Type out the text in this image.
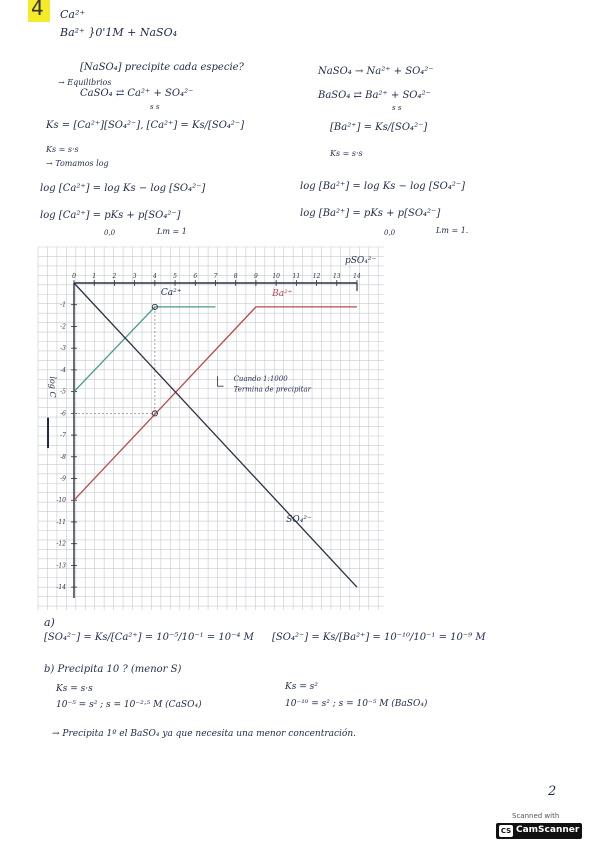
4 Ca²⁺
Ba²⁺ }0'1M + NaSO₄
[NaSO₄] precipite cada especie?
→ Equilibrios
CaSO₄ ⇄ Ca²⁺ + SO₄²⁻
s s
Ks = [Ca²⁺][SO₄²⁻], [Ca²⁺] = Ks/[SO₄²⁻]
Ks = s·s
→ Tomamos log
log [Ca²⁺] = log Ks − log [SO₄²⁻]
log [Ca²⁺] = pKs + p[SO₄²⁻]
0,0	Lm = 1
NaSO₄ → Na²⁺ + SO₄²⁻
BaSO₄ ⇄ Ba²⁺ + SO₄²⁻
s s
[Ba²⁺] = Ks/[SO₄²⁻]
Ks = s·s
log [Ba²⁺] = log Ks − log [SO₄²⁻]
log [Ba²⁺] = pKs + p[SO₄²⁻]
0,0	Lm = 1.
0	1	2	3	4	5	6	7	8	9 10 11 12 13 14
-1
-2
-3
-4
-5
-6
-7
-8
-9
-10
-11
-12
-13
-14
pSO₄²⁻
log C
Ca²⁺	Ba²⁺
SO₄²⁻
Cuando 1:1000
Termina de precipitar
a)
[SO₄²⁻] = Ks/[Ca²⁺] = 10⁻⁵/10⁻¹ = 10⁻⁴ M [SO₄²⁻] = Ks/[Ba²⁺] = 10⁻¹⁰/10⁻¹ = 10⁻⁹ M
b) Precipita 10 ? (menor S)
Ks = s·s
10⁻⁵ = s² ; s = 10⁻²·⁵ M (CaSO₄)
Ks = s²
10⁻¹⁰ = s² ; s = 10⁻⁵ M (BaSO₄)
→ Precipita 1º el BaSO₄ ya que necesita una menor concentración.
2
Scanned with
CS CamScanner
